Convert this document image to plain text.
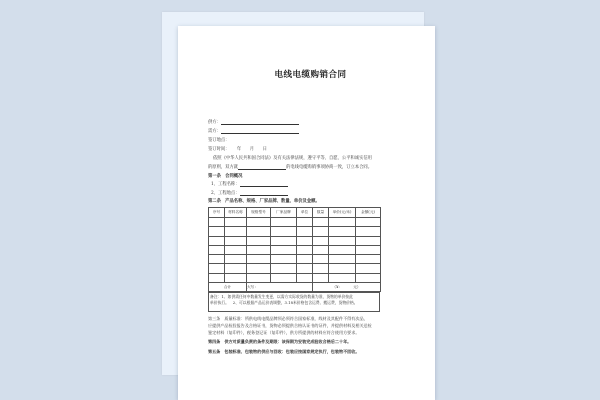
电线电缆购销合同
供方：
需方：
签订地点：
签订时间： 年　　月　　日
依照《中华人民共和国合同法》及有关法律法规，遵守平等、自愿、公平和诚实信用
的原则，双方就	的电线电缆购销事项协商一致，订立本合同。
第一条　合同概况
1、工程名称：
2、工程地点：
第二条　产品名称、规格、厂家品牌、数量、单价及金额。
序号	材料名称	规格型号	厂家品牌	单位	数量	单价(元/米)	金额(元)

合计		大写：			（¥：　　　元）		
备注：1、如供需任何中数量发生变更，以需方实际收货的数量为准，货物的单价按此
单价执行。　2、可以根据产品运价表调整，3.18米价格包含运费、搬运费，货物价格。
第三条　质量标准：所供电线电缆品牌须必须符合国家标准，线材及其配件不得有次品，
应提供产品检验报告及合格证书，货物必须提供合格认证书的证件，并提供材料及相关送检
鉴定材料（复印件），税务登记证（复印件），供方所提供的材料应符合使用方要求。
第四条　供方对质量负责的条件及期限：该保期为安装完成验收合格后二十年。
第五条　包装标准、包装物的供应与回收：包装应按国家规定执行，包装物不回收。
